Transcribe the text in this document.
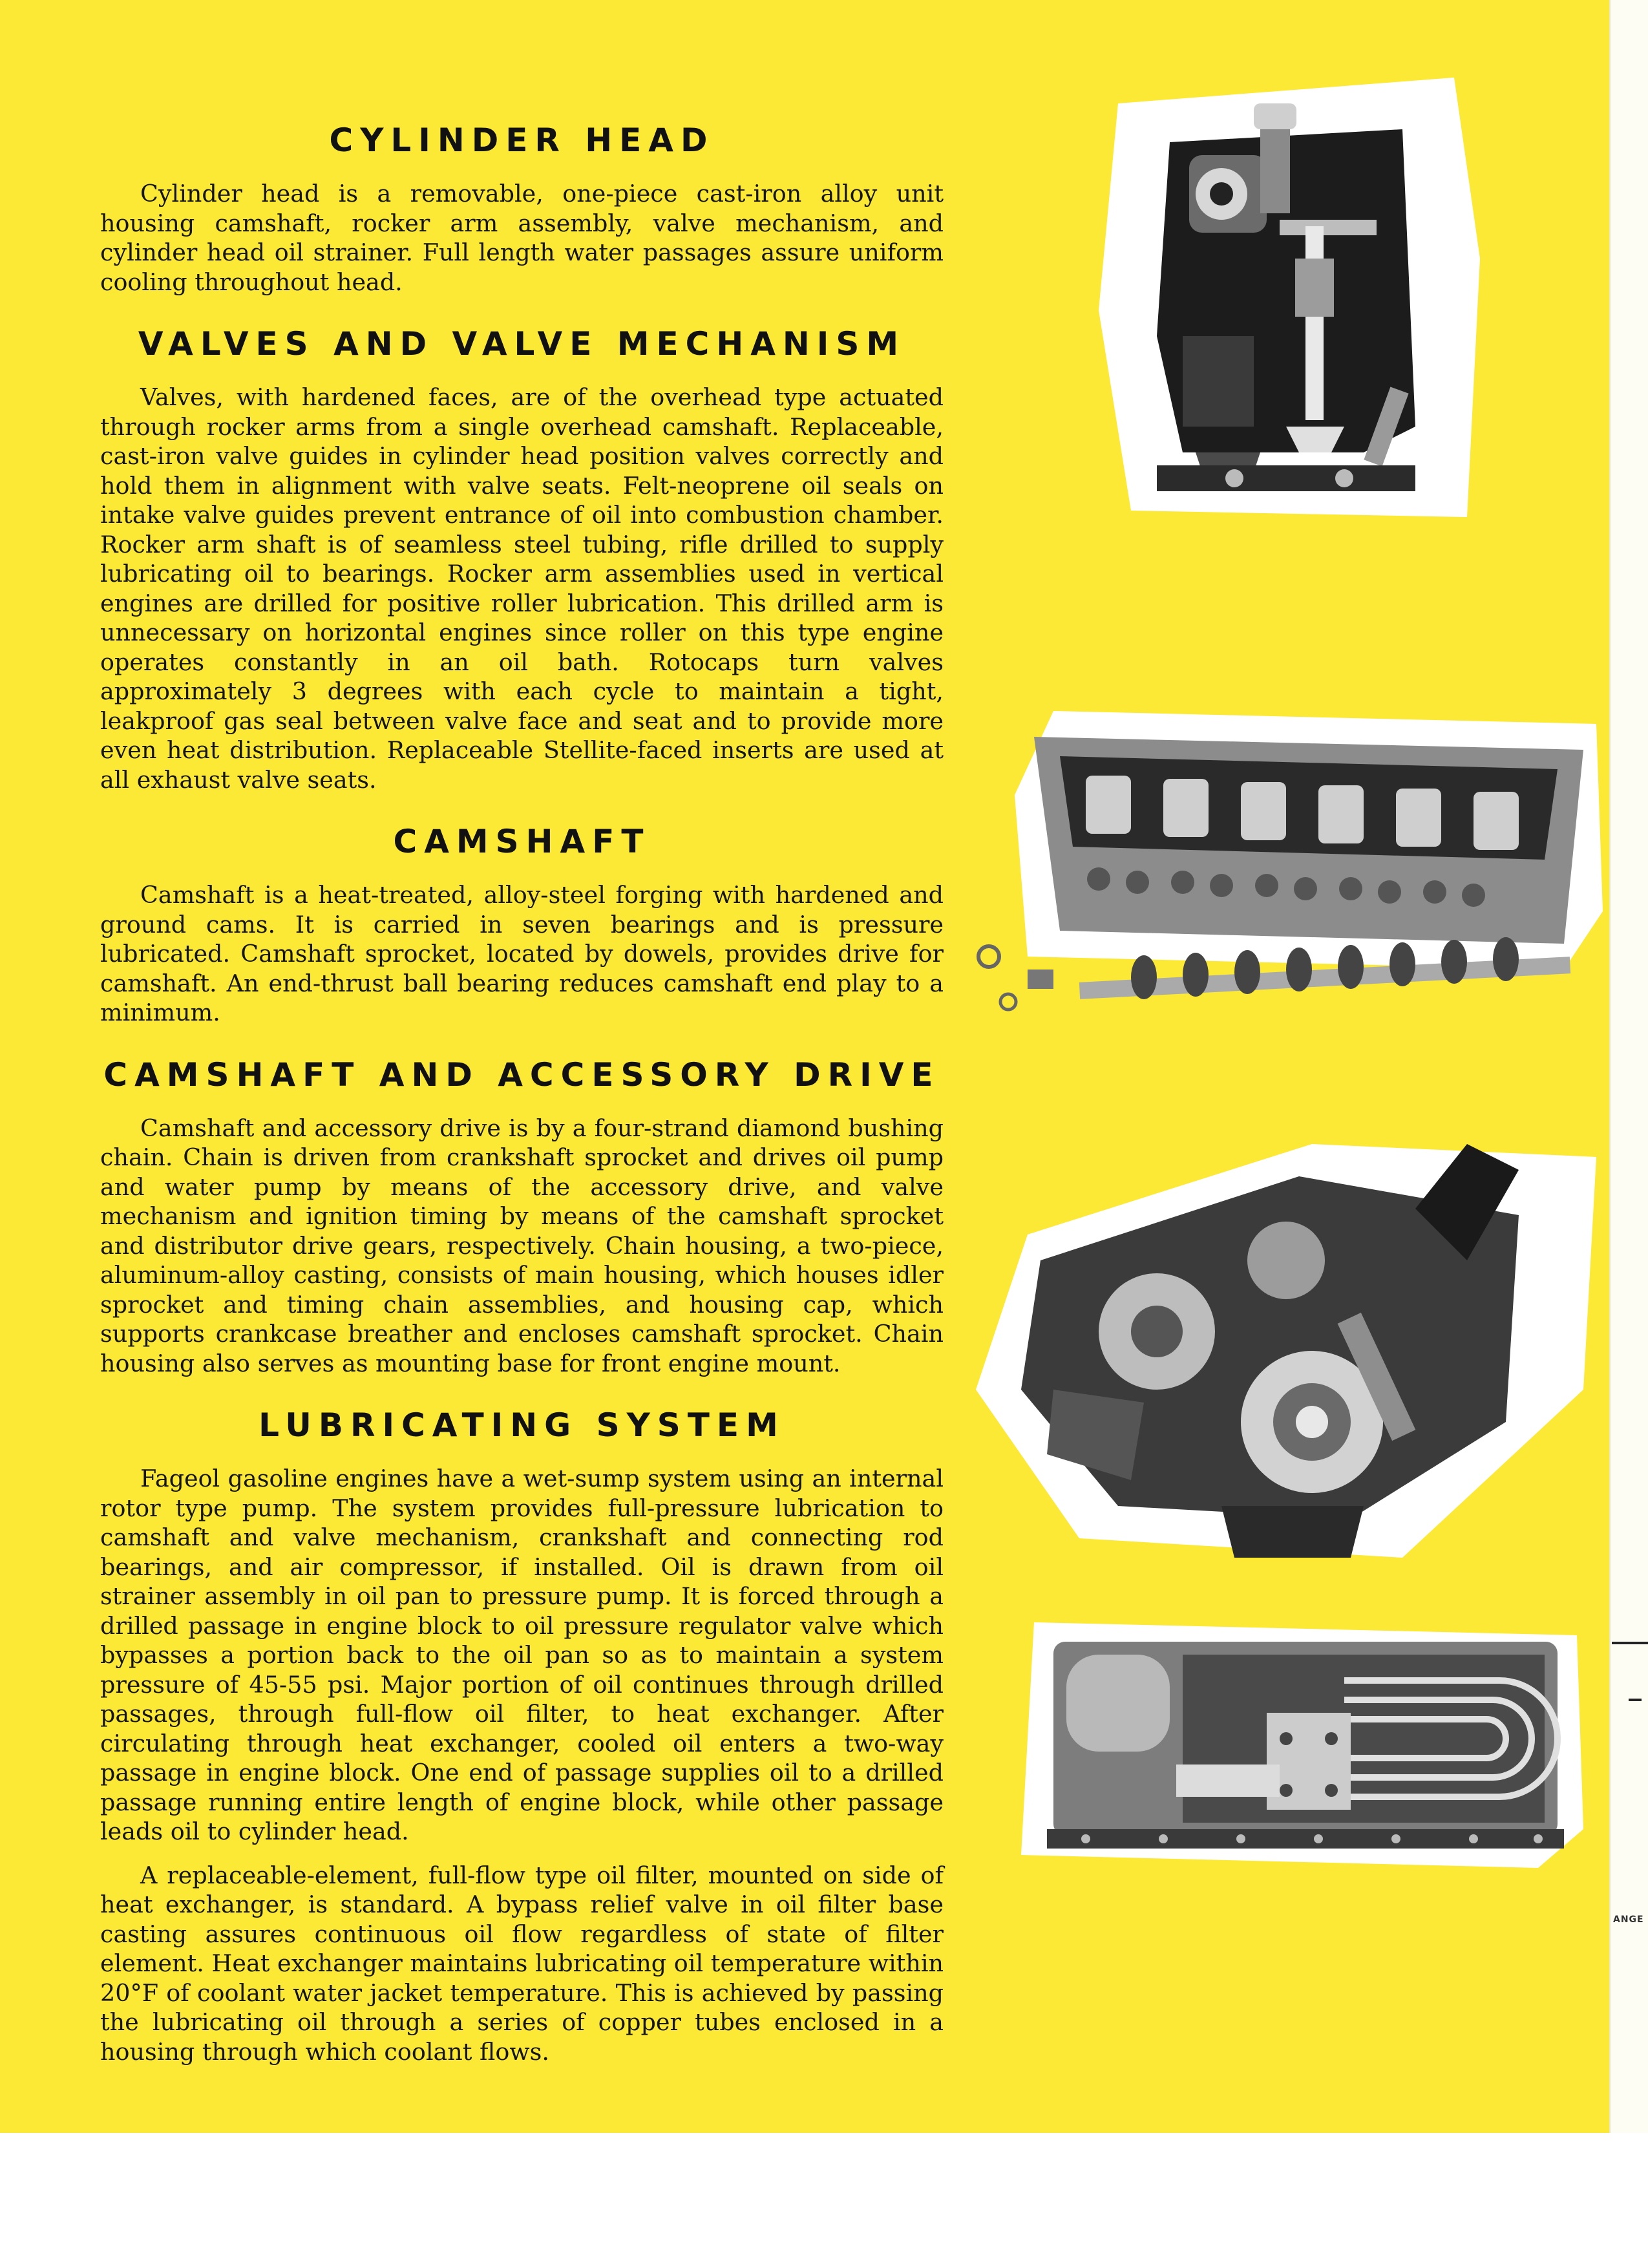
ANGE
CYLINDER HEAD

Cylinder head is a removable, one-piece cast-iron alloy unit housing camshaft, rocker arm assembly, valve mechanism, and cylinder head oil strainer. Full length water passages assure uniform cooling throughout head.

VALVES AND VALVE MECHANISM

Valves, with hardened faces, are of the overhead type actuated through rocker arms from a single overhead camshaft. Replaceable, cast-iron valve guides in cylinder head position valves correctly and hold them in alignment with valve seats. Felt-neoprene oil seals on intake valve guides prevent entrance of oil into combustion chamber. Rocker arm shaft is of seamless steel tubing, rifle drilled to supply lubricating oil to bearings. Rocker arm assemblies used in vertical engines are drilled for positive roller lubrication. This drilled arm is unnecessary on horizontal engines since roller on this type engine operates constantly in an oil bath. Rotocaps turn valves approximately 3 degrees with each cycle to maintain a tight, leakproof gas seal between valve face and seat and to provide more even heat distribution. Replaceable Stellite-faced inserts are used at all exhaust valve seats.

CAMSHAFT

Camshaft is a heat-treated, alloy-steel forging with hardened and ground cams. It is carried in seven bearings and is pressure lubricated. Camshaft sprocket, located by dowels, provides drive for camshaft. An end-thrust ball bearing reduces camshaft end play to a minimum.

CAMSHAFT AND ACCESSORY DRIVE

Camshaft and accessory drive is by a four-strand diamond bushing chain. Chain is driven from crankshaft sprocket and drives oil pump and water pump by means of the accessory drive, and valve mechanism and ignition timing by means of the camshaft sprocket and distributor drive gears, respectively. Chain housing, a two-piece, aluminum-alloy casting, consists of main housing, which houses idler sprocket and timing chain assemblies, and housing cap, which supports crankcase breather and encloses camshaft sprocket. Chain housing also serves as mounting base for front engine mount.

LUBRICATING SYSTEM

Fageol gasoline engines have a wet-sump system using an internal rotor type pump. The system provides full-pressure lubrication to camshaft and valve mechanism, crankshaft and connecting rod bearings, and air compressor, if installed. Oil is drawn from oil strainer assembly in oil pan to pressure pump. It is forced through a drilled passage in engine block to oil pressure regulator valve which bypasses a portion back to the oil pan so as to maintain a system pressure of 45-55 psi. Major portion of oil continues through drilled passages, through full-flow oil filter, to heat exchanger. After circulating through heat exchanger, cooled oil enters a two-way passage in engine block. One end of passage supplies oil to a drilled passage running entire length of engine block, while other passage leads oil to cylinder head.

A replaceable-element, full-flow type oil filter, mounted on side of heat exchanger, is standard. A bypass relief valve in oil filter base casting assures continuous oil flow regardless of state of filter element. Heat exchanger maintains lubricating oil temperature within 20°F of coolant water jacket temperature. This is achieved by passing the lubricating oil through a series of copper tubes enclosed in a housing through which coolant flows.
